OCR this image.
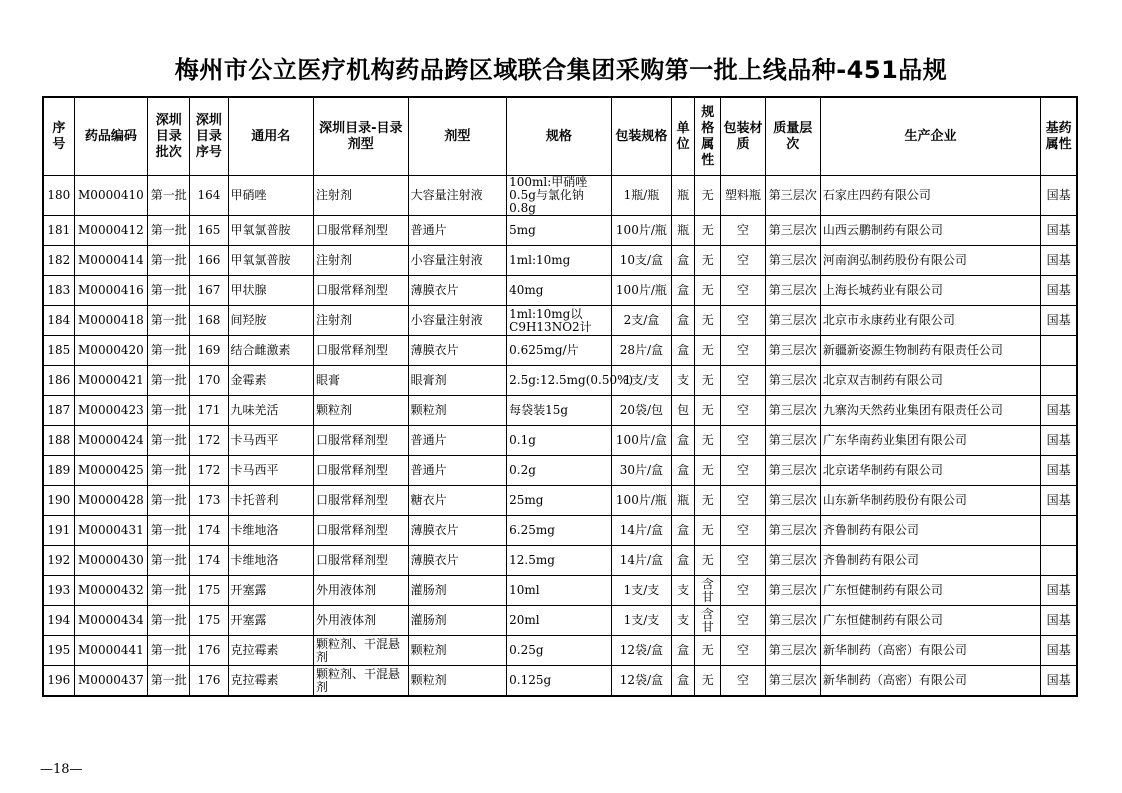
梅州市公立医疗机构药品跨区域联合集团采购第一批上线品种-451品规
序号	药品编码	深圳目录批次	深圳目录序号	通用名	深圳目录-目录剂型	剂型	规格	包装规格	单位	规格属性	包装材质	质量层次	生产企业	基药属性
180	M0000410	第一批	164	甲硝唑	注射剂	大容量注射液	100ml:甲硝唑0.5g与氯化钠0.8g	1瓶/瓶	瓶	无	塑料瓶	第三层次	石家庄四药有限公司	国基
181	M0000412	第一批	165	甲氧氯普胺	口服常释剂型	普通片	5mg	100片/瓶	瓶	无	空	第三层次	山西云鹏制药有限公司	国基
182	M0000414	第一批	166	甲氧氯普胺	注射剂	小容量注射液	1ml:10mg	10支/盒	盒	无	空	第三层次	河南润弘制药股份有限公司	国基
183	M0000416	第一批	167	甲状腺	口服常释剂型	薄膜衣片	40mg	100片/瓶	盒	无	空	第三层次	上海长城药业有限公司	国基
184	M0000418	第一批	168	间羟胺	注射剂	小容量注射液	1ml:10mg以C9H13NO2计	2支/盒	盒	无	空	第三层次	北京市永康药业有限公司	国基
185	M0000420	第一批	169	结合雌激素	口服常释剂型	薄膜衣片	0.625mg/片	28片/盒	盒	无	空	第三层次	新疆新姿源生物制药有限责任公司	
186	M0000421	第一批	170	金霉素	眼膏	眼膏剂	2.5g:12.5mg(0.50%)	1支/支	支	无	空	第三层次	北京双吉制药有限公司	
187	M0000423	第一批	171	九味羌活	颗粒剂	颗粒剂	每袋装15g	20袋/包	包	无	空	第三层次	九寨沟天然药业集团有限责任公司	国基
188	M0000424	第一批	172	卡马西平	口服常释剂型	普通片	0.1g	100片/盒	盒	无	空	第三层次	广东华南药业集团有限公司	国基
189	M0000425	第一批	172	卡马西平	口服常释剂型	普通片	0.2g	30片/盒	盒	无	空	第三层次	北京诺华制药有限公司	国基
190	M0000428	第一批	173	卡托普利	口服常释剂型	糖衣片	25mg	100片/瓶	瓶	无	空	第三层次	山东新华制药股份有限公司	国基
191	M0000431	第一批	174	卡维地洛	口服常释剂型	薄膜衣片	6.25mg	14片/盒	盒	无	空	第三层次	齐鲁制药有限公司	
192	M0000430	第一批	174	卡维地洛	口服常释剂型	薄膜衣片	12.5mg	14片/盒	盒	无	空	第三层次	齐鲁制药有限公司	
193	M0000432	第一批	175	开塞露	外用液体剂	灌肠剂	10ml	1支/支	支	含甘	空	第三层次	广东恒健制药有限公司	国基
194	M0000434	第一批	175	开塞露	外用液体剂	灌肠剂	20ml	1支/支	支	含甘	空	第三层次	广东恒健制药有限公司	国基
195	M0000441	第一批	176	克拉霉素	颗粒剂、干混悬剂	颗粒剂	0.25g	12袋/盒	盒	无	空	第三层次	新华制药（高密）有限公司	国基
196	M0000437	第一批	176	克拉霉素	颗粒剂、干混悬剂	颗粒剂	0.125g	12袋/盒	盒	无	空	第三层次	新华制药（高密）有限公司	国基
—18—
